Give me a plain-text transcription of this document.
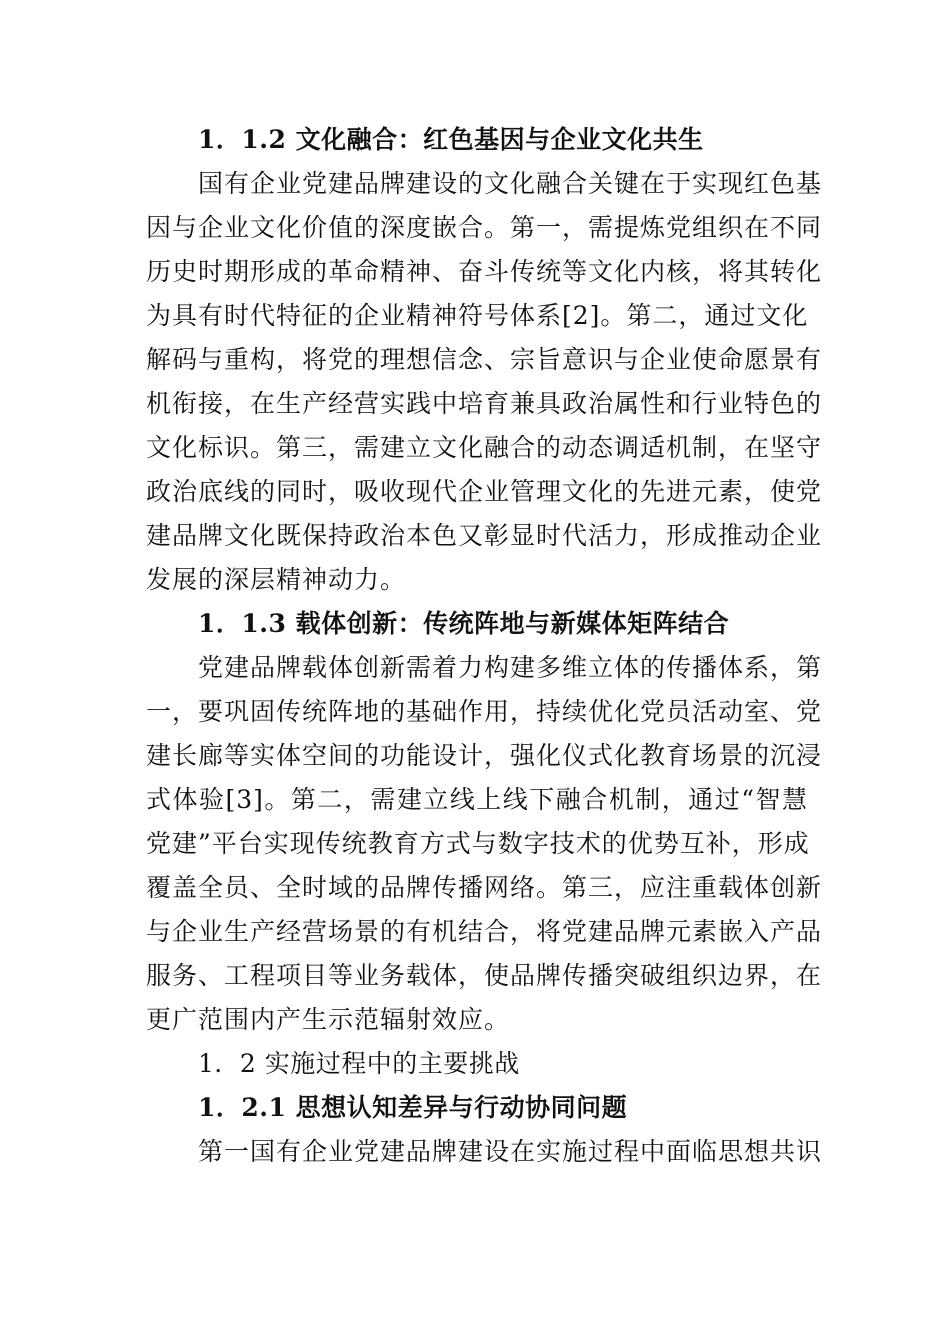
1．1.2 文化融合：红色基因与企业文化共生

国有企业党建品牌建设的文化融合关键在于实现红色基
因与企业文化价值的深度嵌合。第一，需提炼党组织在不同
历史时期形成的革命精神、奋斗传统等文化内核，将其转化
为具有时代特征的企业精神符号体系[2]。第二，通过文化
解码与重构，将党的理想信念、宗旨意识与企业使命愿景有
机衔接，在生产经营实践中培育兼具政治属性和行业特色的
文化标识。第三，需建立文化融合的动态调适机制，在坚守
政治底线的同时，吸收现代企业管理文化的先进元素，使党
建品牌文化既保持政治本色又彰显时代活力，形成推动企业
发展的深层精神动力。

1．1.3 载体创新：传统阵地与新媒体矩阵结合

党建品牌载体创新需着力构建多维立体的传播体系，第
一，要巩固传统阵地的基础作用，持续优化党员活动室、党
建长廊等实体空间的功能设计，强化仪式化教育场景的沉浸
式体验[3]。第二，需建立线上线下融合机制，通过“智慧
党建”平台实现传统教育方式与数字技术的优势互补，形成
覆盖全员、全时域的品牌传播网络。第三，应注重载体创新
与企业生产经营场景的有机结合，将党建品牌元素嵌入产品
服务、工程项目等业务载体，使品牌传播突破组织边界，在
更广范围内产生示范辐射效应。

1．2 实施过程中的主要挑战
1．2.1 思想认知差异与行动协同问题

第一国有企业党建品牌建设在实施过程中面临思想共识
